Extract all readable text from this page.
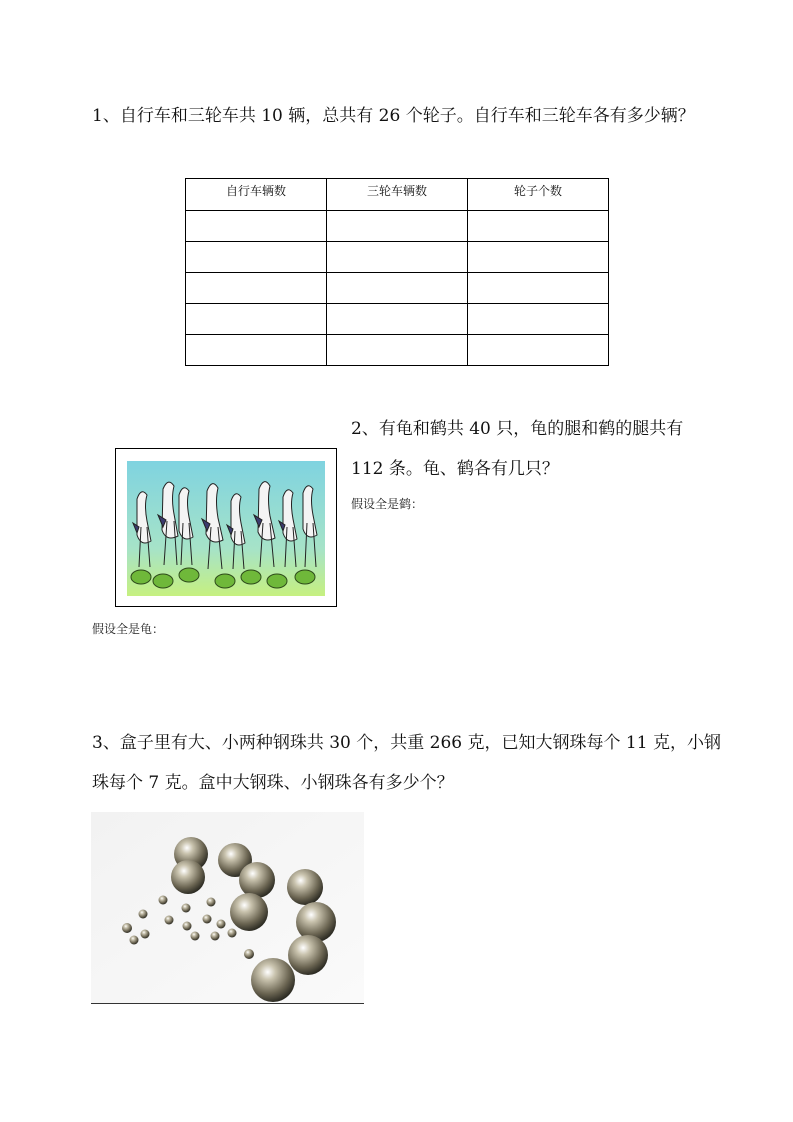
1、自行车和三轮车共 10 辆，总共有 26 个轮子。自行车和三轮车各有多少辆？
自行车辆数	三轮车辆数	轮子个数

2、有龟和鹤共 40 只，龟的腿和鹤的腿共有 112 条。龟、鹤各有几只？
假设全是鹤：
假设全是龟：
3、盒子里有大、小两种钢珠共 30 个，共重 266 克，已知大钢珠每个 11 克，小钢珠每个 7 克。盒中大钢珠、小钢珠各有多少个？
